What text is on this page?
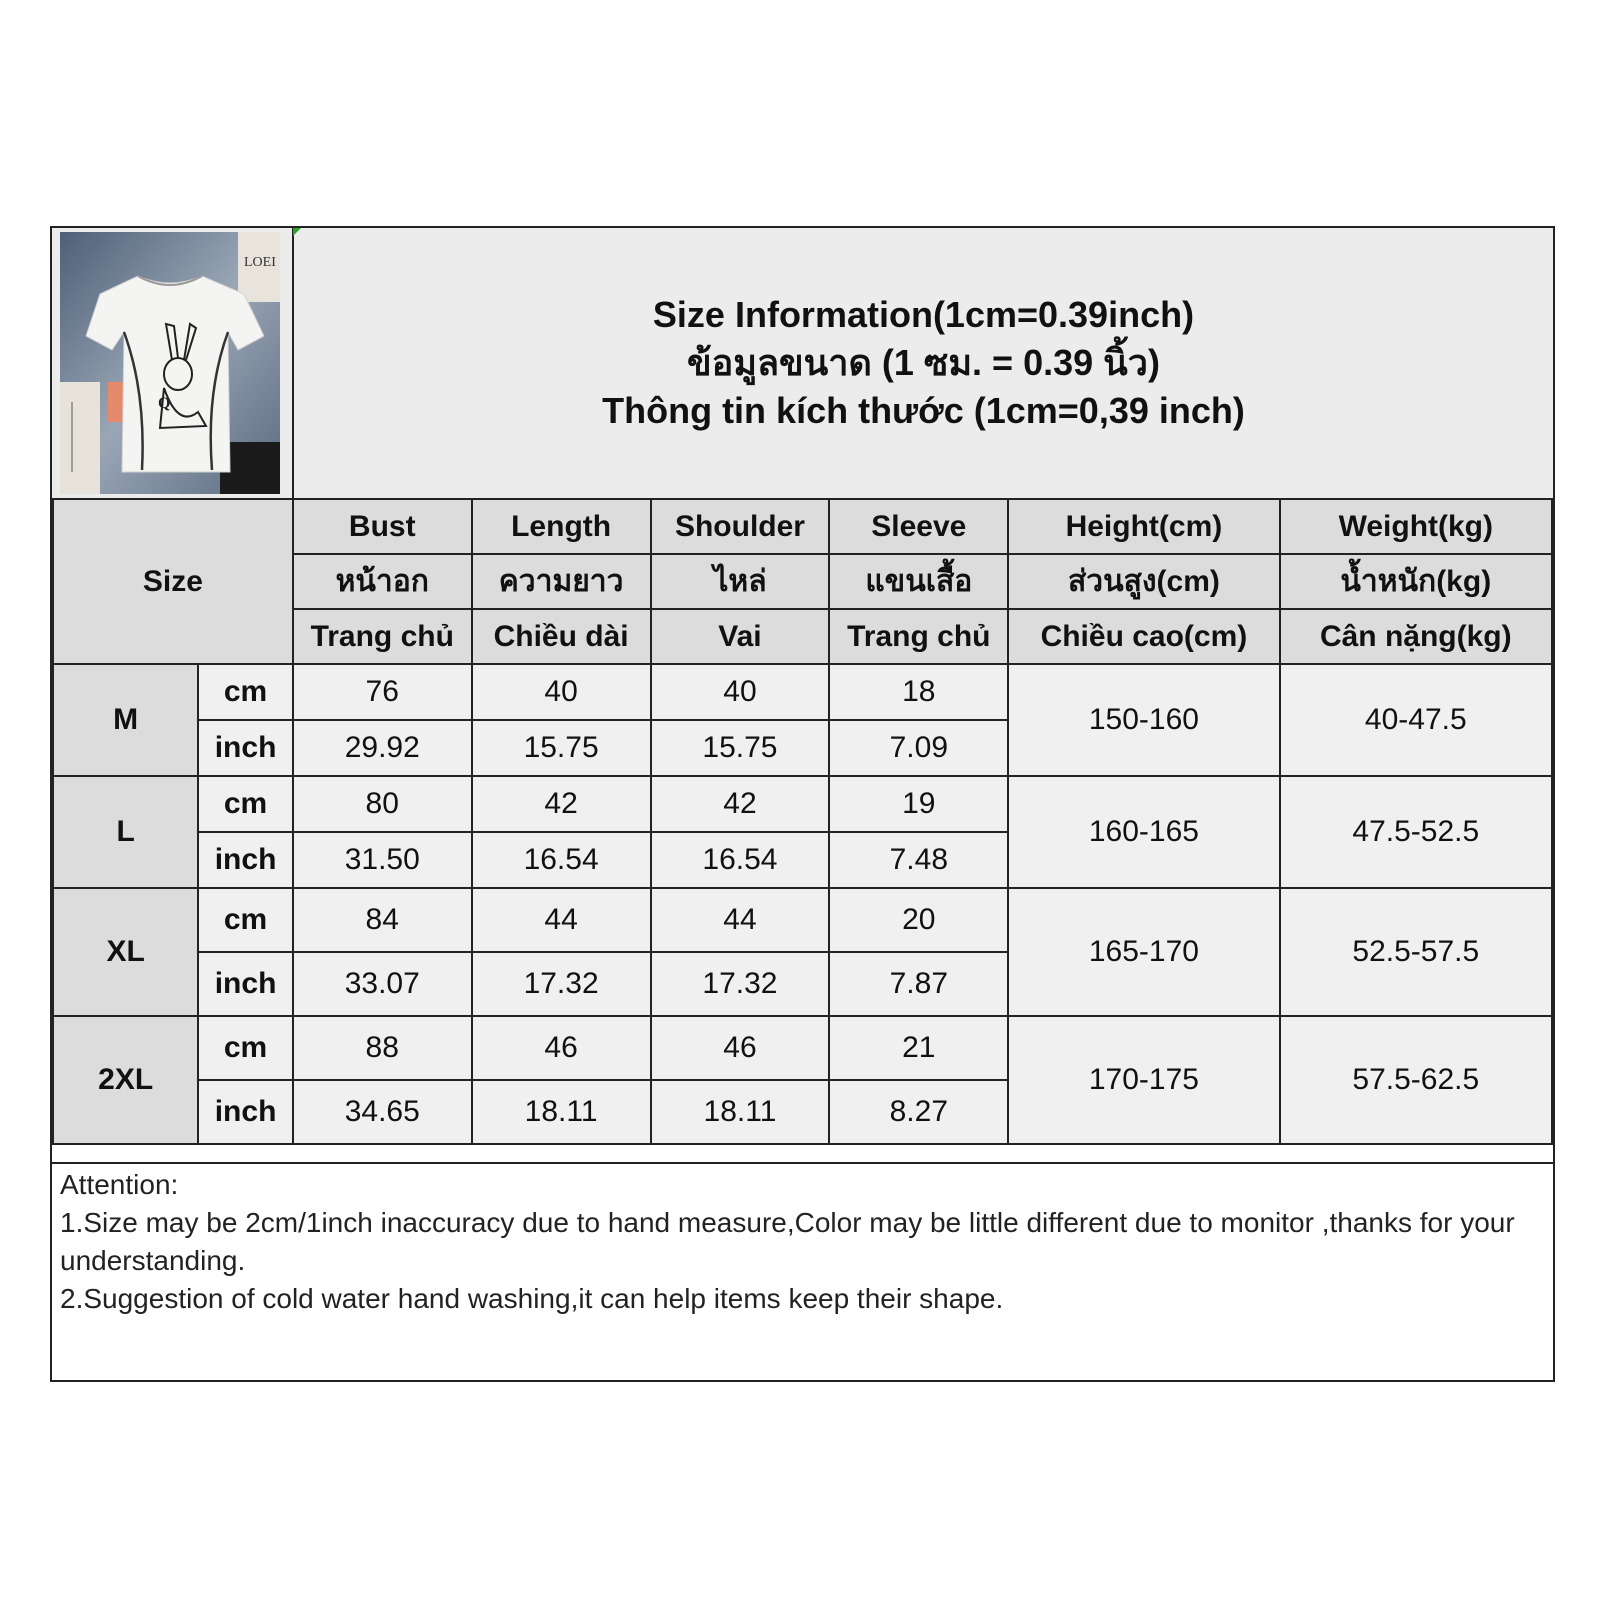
LOEI
Q
Size Information(1cm=0.39inch)
ข้อมูลขนาด (1 ซม. = 0.39 นิ้ว)
Thông tin kích thước (1cm=0,39 inch)
Size		Bust	Length	Shoulder	Sleeve	Height(cm)	Weight(kg)
		หน้าอก	ความยาว	ไหล่	แขนเสื้อ	ส่วนสูง(cm)	น้ำหนัก(kg)
		Trang chủ	Chiều dài	Vai	Trang chủ	Chiều cao(cm)	Cân nặng(kg)
M	cm	76	40	40	18	150-160	40-47.5
	inch	29.92	15.75	15.75	7.09		
L	cm	80	42	42	19	160-165	47.5-52.5
	inch	31.50	16.54	16.54	7.48		
XL	cm	84	44	44	20	165-170	52.5-57.5
	inch	33.07	17.32	17.32	7.87		
2XL	cm	88	46	46	21	170-175	57.5-62.5
	inch	34.65	18.11	18.11	8.27		
Attention:
1.Size may be 2cm/1inch inaccuracy due to hand measure,Color may be little different due to monitor ,thanks for your understanding.
2.Suggestion of cold water hand washing,it can help items keep their shape.
